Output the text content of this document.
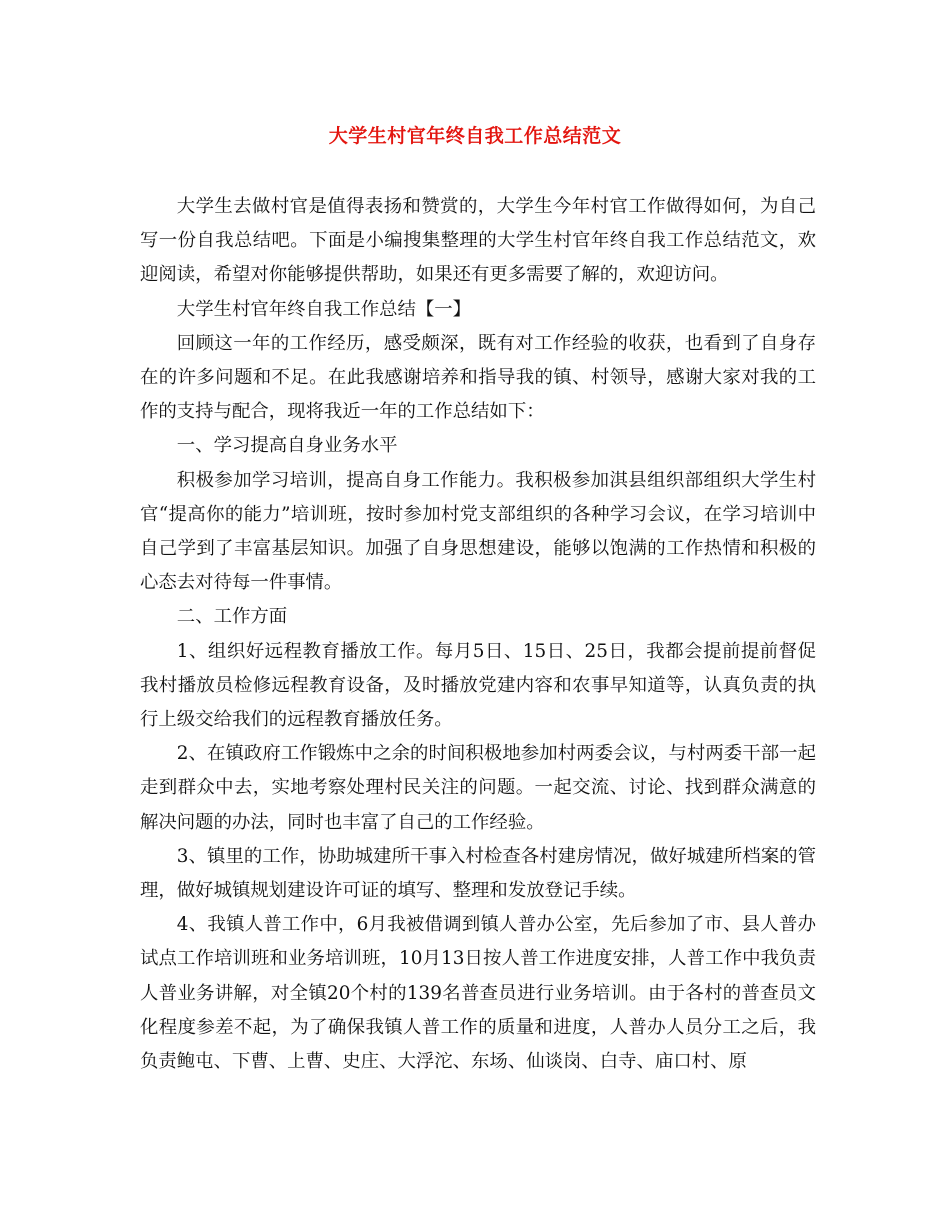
大学生村官年终自我工作总结范文

大学生去做村官是值得表扬和赞赏的，大学生今年村官工作做得如何，为自己写一份自我总结吧。下面是小编搜集整理的大学生村官年终自我工作总结范文，欢迎阅读，希望对你能够提供帮助，如果还有更多需要了解的，欢迎访问。

大学生村官年终自我工作总结【一】

回顾这一年的工作经历，感受颇深，既有对工作经验的收获，也看到了自身存在的许多问题和不足。在此我感谢培养和指导我的镇、村领导，感谢大家对我的工作的支持与配合，现将我近一年的工作总结如下：

一、学习提高自身业务水平

积极参加学习培训，提高自身工作能力。我积极参加淇县组织部组织大学生村官“提高你的能力”培训班，按时参加村党支部组织的各种学习会议，在学习培训中自己学到了丰富基层知识。加强了自身思想建设，能够以饱满的工作热情和积极的心态去对待每一件事情。

二、工作方面

1、组织好远程教育播放工作。每月5日、15日、25日，我都会提前提前督促我村播放员检修远程教育设备，及时播放党建内容和农事早知道等，认真负责的执行上级交给我们的远程教育播放任务。

2、在镇政府工作锻炼中之余的时间积极地参加村两委会议，与村两委干部一起走到群众中去，实地考察处理村民关注的问题。一起交流、讨论、找到群众满意的解决问题的办法，同时也丰富了自己的工作经验。

3、镇里的工作，协助城建所干事入村检查各村建房情况，做好城建所档案的管理，做好城镇规划建设许可证的填写、整理和发放登记手续。

4、我镇人普工作中，6月我被借调到镇人普办公室，先后参加了市、县人普办试点工作培训班和业务培训班，10月13日按人普工作进度安排，人普工作中我负责人普业务讲解，对全镇20个村的139名普查员进行业务培训。由于各村的普查员文化程度参差不起，为了确保我镇人普工作的质量和进度，人普办人员分工之后，我负责鲍屯、下曹、上曹、史庄、大浮沱、东场、仙谈岗、白寺、庙口村、原
